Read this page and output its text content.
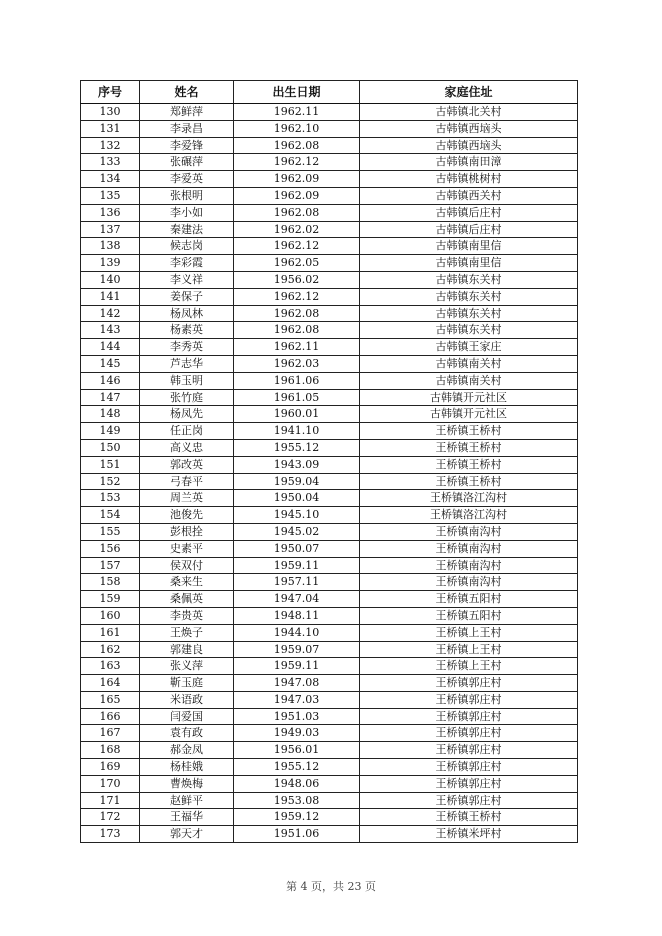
序号	姓名	出生日期	家庭住址
130	郑鲜萍	1962.11	古韩镇北关村
131	李录昌	1962.10	古韩镇西垴头
132	李爱锋	1962.08	古韩镇西垴头
133	张碾萍	1962.12	古韩镇南田漳
134	李爱英	1962.09	古韩镇桃树村
135	张根明	1962.09	古韩镇西关村
136	李小如	1962.08	古韩镇后庄村
137	秦建法	1962.02	古韩镇后庄村
138	候志岗	1962.12	古韩镇南里信
139	李彩霞	1962.05	古韩镇南里信
140	李义祥	1956.02	古韩镇东关村
141	姜保子	1962.12	古韩镇东关村
142	杨凤林	1962.08	古韩镇东关村
143	杨素英	1962.08	古韩镇东关村
144	李秀英	1962.11	古韩镇王家庄
145	芦志华	1962.03	古韩镇南关村
146	韩玉明	1961.06	古韩镇南关村
147	张竹庭	1961.05	古韩镇开元社区
148	杨凤先	1960.01	古韩镇开元社区
149	任正岗	1941.10	王桥镇王桥村
150	高义忠	1955.12	王桥镇王桥村
151	郭改英	1943.09	王桥镇王桥村
152	弓春平	1959.04	王桥镇王桥村
153	周兰英	1950.04	王桥镇洛江沟村
154	池俊先	1945.10	王桥镇洛江沟村
155	彭根拴	1945.02	王桥镇南沟村
156	史素平	1950.07	王桥镇南沟村
157	侯双付	1959.11	王桥镇南沟村
158	桑来生	1957.11	王桥镇南沟村
159	桑佩英	1947.04	王桥镇五阳村
160	李贵英	1948.11	王桥镇五阳村
161	王焕子	1944.10	王桥镇上王村
162	郭建良	1959.07	王桥镇上王村
163	张义萍	1959.11	王桥镇上王村
164	靳玉庭	1947.08	王桥镇郭庄村
165	米语政	1947.03	王桥镇郭庄村
166	闫爱国	1951.03	王桥镇郭庄村
167	袁有政	1949.03	王桥镇郭庄村
168	郝金凤	1956.01	王桥镇郭庄村
169	杨桂娥	1955.12	王桥镇郭庄村
170	曹焕梅	1948.06	王桥镇郭庄村
171	赵鲜平	1953.08	王桥镇郭庄村
172	王福华	1959.12	王桥镇王桥村
173	郭天才	1951.06	王桥镇米坪村
第 4 页，共 23 页
